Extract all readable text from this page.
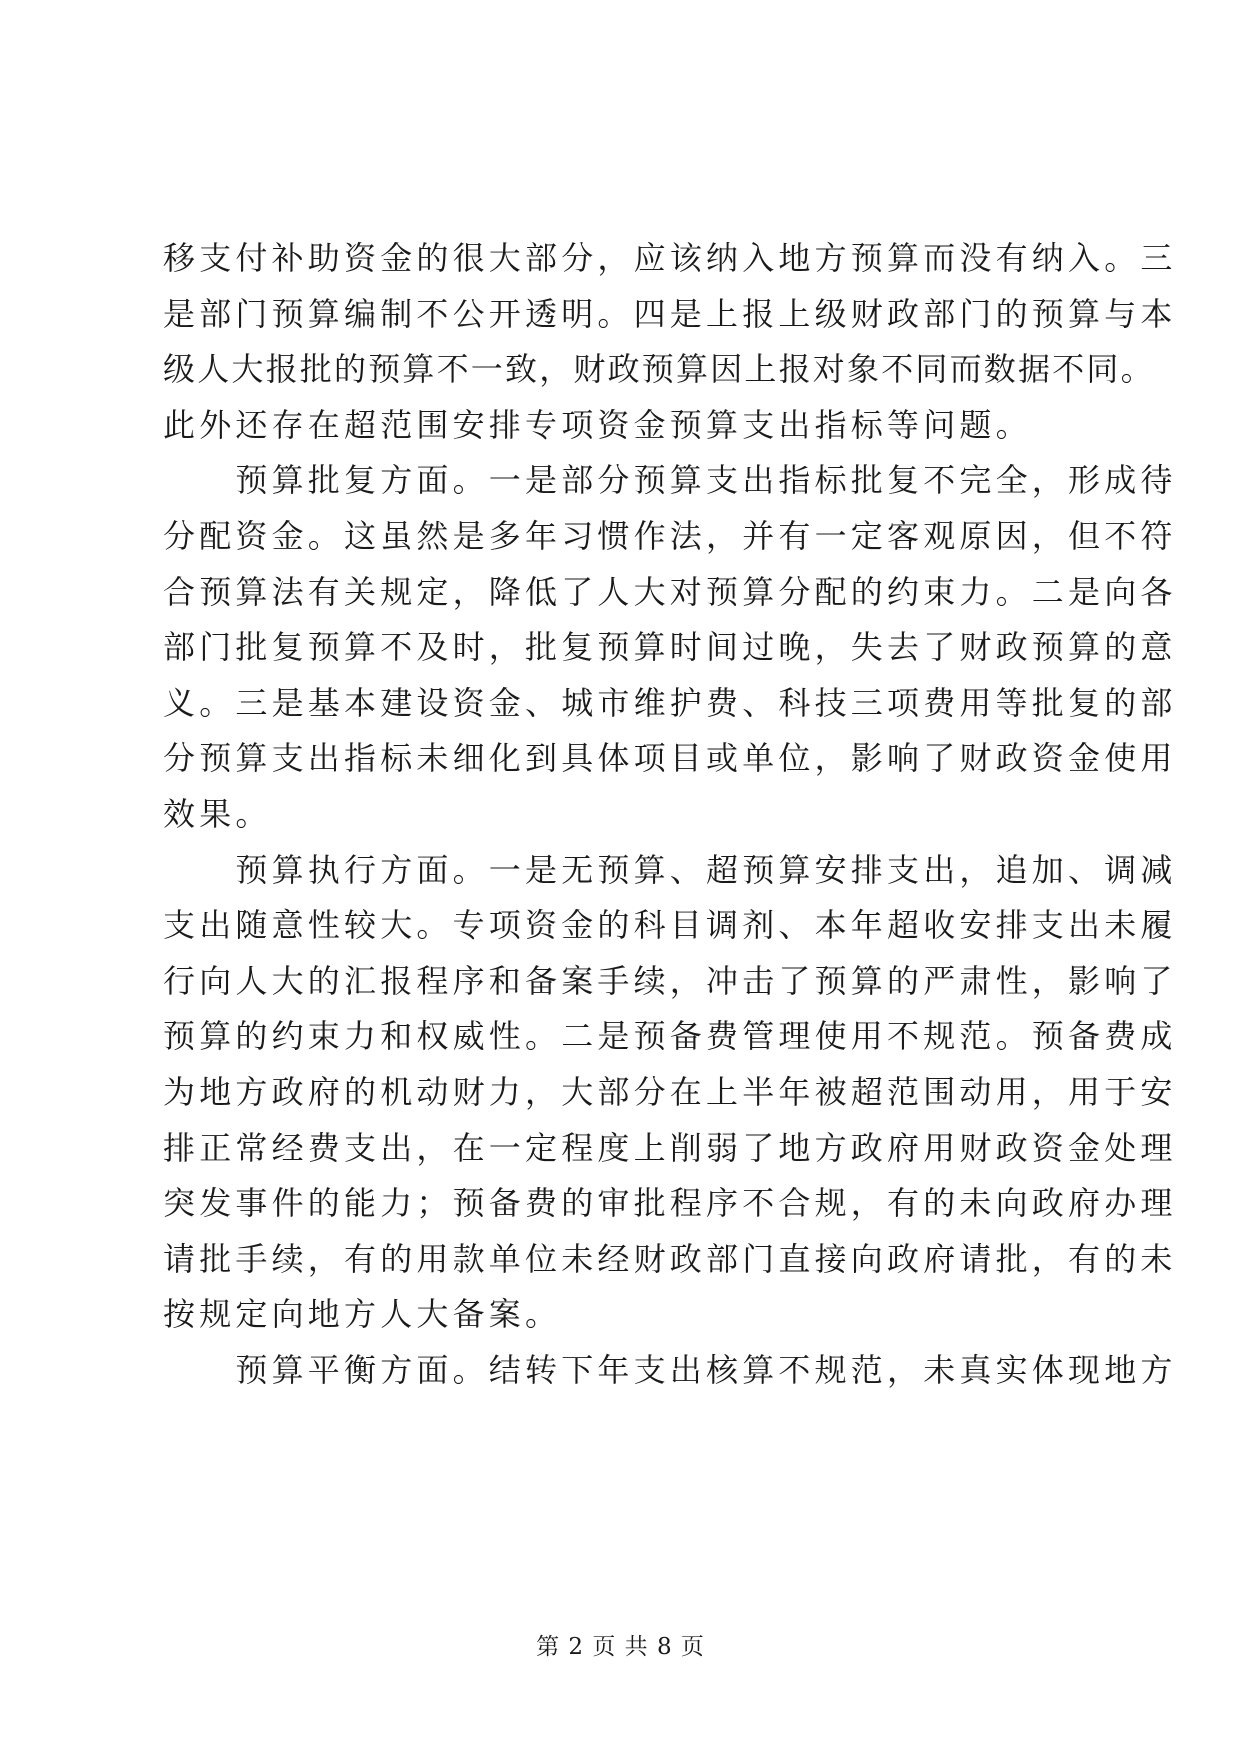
移支付补助资金的很大部分，应该纳入地方预算而没有纳入。三
是部门预算编制不公开透明。四是上报上级财政部门的预算与本
级人大报批的预算不一致，财政预算因上报对象不同而数据不同。
此外还存在超范围安排专项资金预算支出指标等问题。
　　预算批复方面。一是部分预算支出指标批复不完全，形成待
分配资金。这虽然是多年习惯作法，并有一定客观原因，但不符
合预算法有关规定，降低了人大对预算分配的约束力。二是向各
部门批复预算不及时，批复预算时间过晚，失去了财政预算的意
义。三是基本建设资金、城市维护费、科技三项费用等批复的部
分预算支出指标未细化到具体项目或单位，影响了财政资金使用
效果。
　　预算执行方面。一是无预算、超预算安排支出，追加、调减
支出随意性较大。专项资金的科目调剂、本年超收安排支出未履
行向人大的汇报程序和备案手续，冲击了预算的严肃性，影响了
预算的约束力和权威性。二是预备费管理使用不规范。预备费成
为地方政府的机动财力，大部分在上半年被超范围动用，用于安
排正常经费支出，在一定程度上削弱了地方政府用财政资金处理
突发事件的能力；预备费的审批程序不合规，有的未向政府办理
请批手续，有的用款单位未经财政部门直接向政府请批，有的未
按规定向地方人大备案。
　　预算平衡方面。结转下年支出核算不规范，未真实体现地方
第 2 页 共 8 页
